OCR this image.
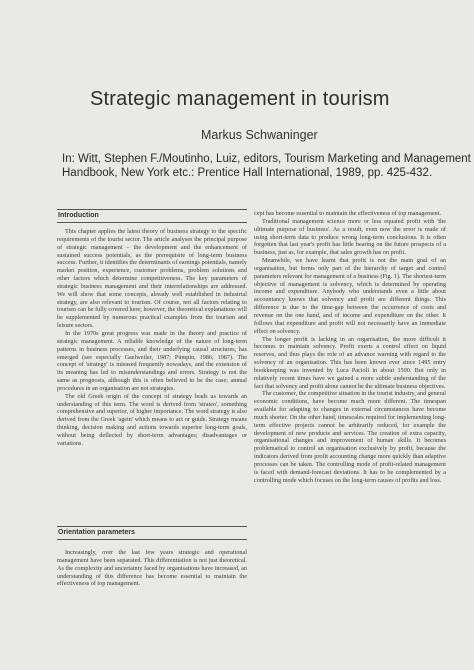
Strategic management in tourism
Markus Schwaninger
In: Witt, Stephen F./Moutinho, Luiz, editors, Tourism Marketing and Management
Handbook, New York etc.: Prentice Hall International, 1989, pp. 425-432.
Introduction

This chapter applies the latest theory of business strategy to the specific requirements of the tourist sector. The article analyses the principal purpose of strategic management – the development and the enhancement of sustained success potentials, as the prerequisite of long-term business success. Further, it identifies the determinants of earnings potentials, namely market position, experience, customer problems, problem solutions and other factors which determine competitiveness. The key parameters of strategic business management and their interrelationships are addressed. We will show that some concepts, already well established in industrial strategy, are also relevant to tourism. Of course, not all factors relating to tourism can be fully covered here; however, the theoretical explanations will be supplemented by numerous practical examples from the tourism and leisure sectors.

In the 1970s great progress was made in the theory and practice of strategic management. A reliable knowledge of the nature of long-term patterns in business processes, and their underlying causal structures, has emerged (see especially Gaelweiler, 1987; Pümpin, 1986; 1987). The concept of 'strategy' is misused frequently nowadays, and the extension of its meaning has led to misunderstandings and errors. Strategy is not the same as prognosis, although this is often believed to be the case; annual procedures in an organisation are not strategies.

The old Greek origin of the concept of strategy leads us towards an understanding of this term. The word is derived from 'strateo', something comprehensive and superior, of higher importance. The word strategy is also derived from the Greek 'agein' which means to act or guide. Strategy means thinking, decision making and actions towards superior long-term goals, without being deflected by short-term advantages; disadvantages or variations.

Orientation parameters

Increasingly, over the last few years strategic and operational management have been separated. This differentiation is not just theoretical. As the complexity and uncertainty faced by organisations have increased, an understanding of this difference has become essential to maintain the effectiveness of top management.

cept has become essential to maintain the effectiveness of top management.

Traditional management science more or less equated profit with 'the ultimate purpose of business'. As a result, even now the error is made of using short-term data to produce wrong long-term conclusions. It is often forgotten that last year's profit has little bearing on the future prospects of a business, just as, for example, that sales growth has on profit.

Meanwhile, we have learnt that profit is not the main goal of an organisation, but forms only part of the hierarchy of target and control parameters relevant for management of a business (Fig. 1). The shortest-term objective of management is solvency, which is determined by operating income and expenditure. Anybody who understands even a little about accountancy knows that solvency and profit are different things. This difference is due to the time-gap between the occurrence of costs and revenue on the one hand, and of income and expenditure on the other. It follows that expenditure and profit will not necessarily have an immediate effect on solvency.

The longer profit is lacking in an organisation, the more difficult it becomes to maintain solvency. Profit exerts a control effect on liquid reserves, and thus plays the role of an advance warning with regard to the solvency of an organisation. This has been known ever since 1495 entry bookkeeping was invented by Luca Pacioli in about 1500. But only in relatively recent times have we gained a more subtle understanding of the fact that solvency and profit alone cannot be the ultimate business objectives.

The customer, the competitive situation in the tourist industry, and general economic conditions, have become much more different. The timespan available for adapting to changes in external circumstances have become much shorter. On the other hand, timescales required for implementing long-term effective projects cannot be arbitrarily reduced, for example the development of new products and services. The creation of extra capacity, organisational changes and improvement of human skills. It becomes problematical to control an organisation exclusively by profit, because the indicators derived from profit accounting change more quickly than adaptive processes can be taken. The controlling mode of profit-related management is faced with demand-forecast deviations. It has to be complemented by a controlling mode which focuses on the long-term causes of profits and loss.
